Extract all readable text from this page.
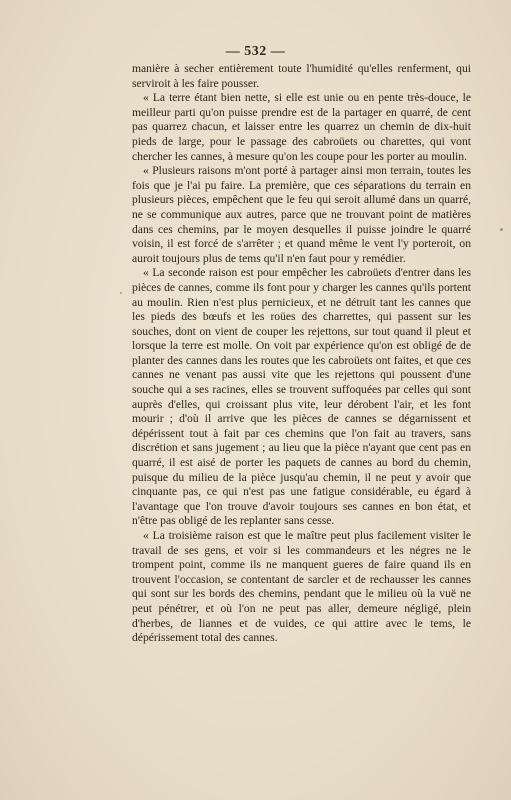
— 532 —

manière à secher entièrement toute l'humidité qu'elles renferment, qui serviroit à les faire pousser.

« La terre étant bien nette, si elle est unie ou en pente très-douce, le meilleur parti qu'on puisse prendre est de la partager en quarré, de cent pas quarrez chacun, et laisser entre les quarrez un chemin de dix-huit pieds de large, pour le passage des cabroüets ou charettes, qui vont chercher les cannes, à mesure qu'on les coupe pour les porter au moulin.

« Plusieurs raisons m'ont porté à partager ainsi mon terrain, toutes les fois que je l'ai pu faire. La première, que ces séparations du terrain en plusieurs pièces, empêchent que le feu qui seroit allumé dans un quarré, ne se communique aux autres, parce que ne trouvant point de matières dans ces chemins, par le moyen desquelles il puisse joindre le quarré voisin, il est forcé de s'arrêter ; et quand même le vent l'y porteroit, on auroit toujours plus de tems qu'il n'en faut pour y remédier.

« La seconde raison est pour empêcher les cabroüets d'entrer dans les pièces de cannes, comme ils font pour y charger les cannes qu'ils portent au moulin. Rien n'est plus pernicieux, et ne détruit tant les cannes que les pieds des bœufs et les roües des charrettes, qui passent sur les souches, dont on vient de couper les rejettons, sur tout quand il pleut et lorsque la terre est molle. On voit par expérience qu'on est obligé de de planter des cannes dans les routes que les cabroüets ont faites, et que ces cannes ne venant pas aussi vite que les rejettons qui poussent d'une souche qui a ses racines, elles se trouvent suffoquées par celles qui sont auprès d'elles, qui croissant plus vite, leur dérobent l'air, et les font mourir ; d'où il arrive que les pièces de cannes se dégarnissent et dépérissent tout à fait par ces chemins que l'on fait au travers, sans discrétion et sans jugement ; au lieu que la pièce n'ayant que cent pas en quarré, il est aisé de porter les paquets de cannes au bord du chemin, puisque du milieu de la pièce jusqu'au chemin, il ne peut y avoir que cinquante pas, ce qui n'est pas une fatigue considérable, eu égard à l'avantage que l'on trouve d'avoir toujours ses cannes en bon état, et n'être pas obligé de les replanter sans cesse.

« La troisième raison est que le maître peut plus facilement visiter le travail de ses gens, et voir si les commandeurs et les négres ne le trompent point, comme ils ne manquent gueres de faire quand ils en trouvent l'occasion, se contentant de sarcler et de rechausser les cannes qui sont sur les bords des chemins, pendant que le milieu où la vuë ne peut pénétrer, et où l'on ne peut pas aller, demeure négligé, plein d'herbes, de liannes et de vuides, ce qui attire avec le tems, le dépérissement total des cannes.
